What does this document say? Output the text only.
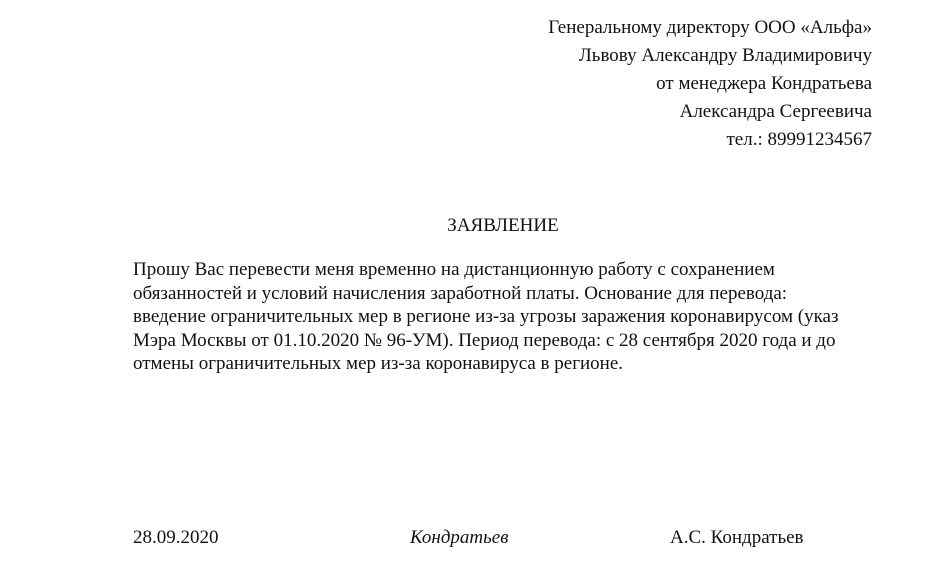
Генеральному директору ООО «Альфа»
Львову Александру Владимировичу
от менеджера Кондратьева
Александра Сергеевича
тел.: 89991234567
ЗАЯВЛЕНИЕ
Прошу Вас перевести меня временно на дистанционную работу с сохранением
обязанностей и условий начисления заработной платы. Основание для перевода:
введение ограничительных мер в регионе из-за угрозы заражения коронавирусом (указ
Мэра Москвы от 01.10.2020 № 96-УМ). Период перевода: с 28 сентября 2020 года и до
отмены ограничительных мер из-за коронавируса в регионе.
28.09.2020	Кондратьев	А.С. Кондратьев
